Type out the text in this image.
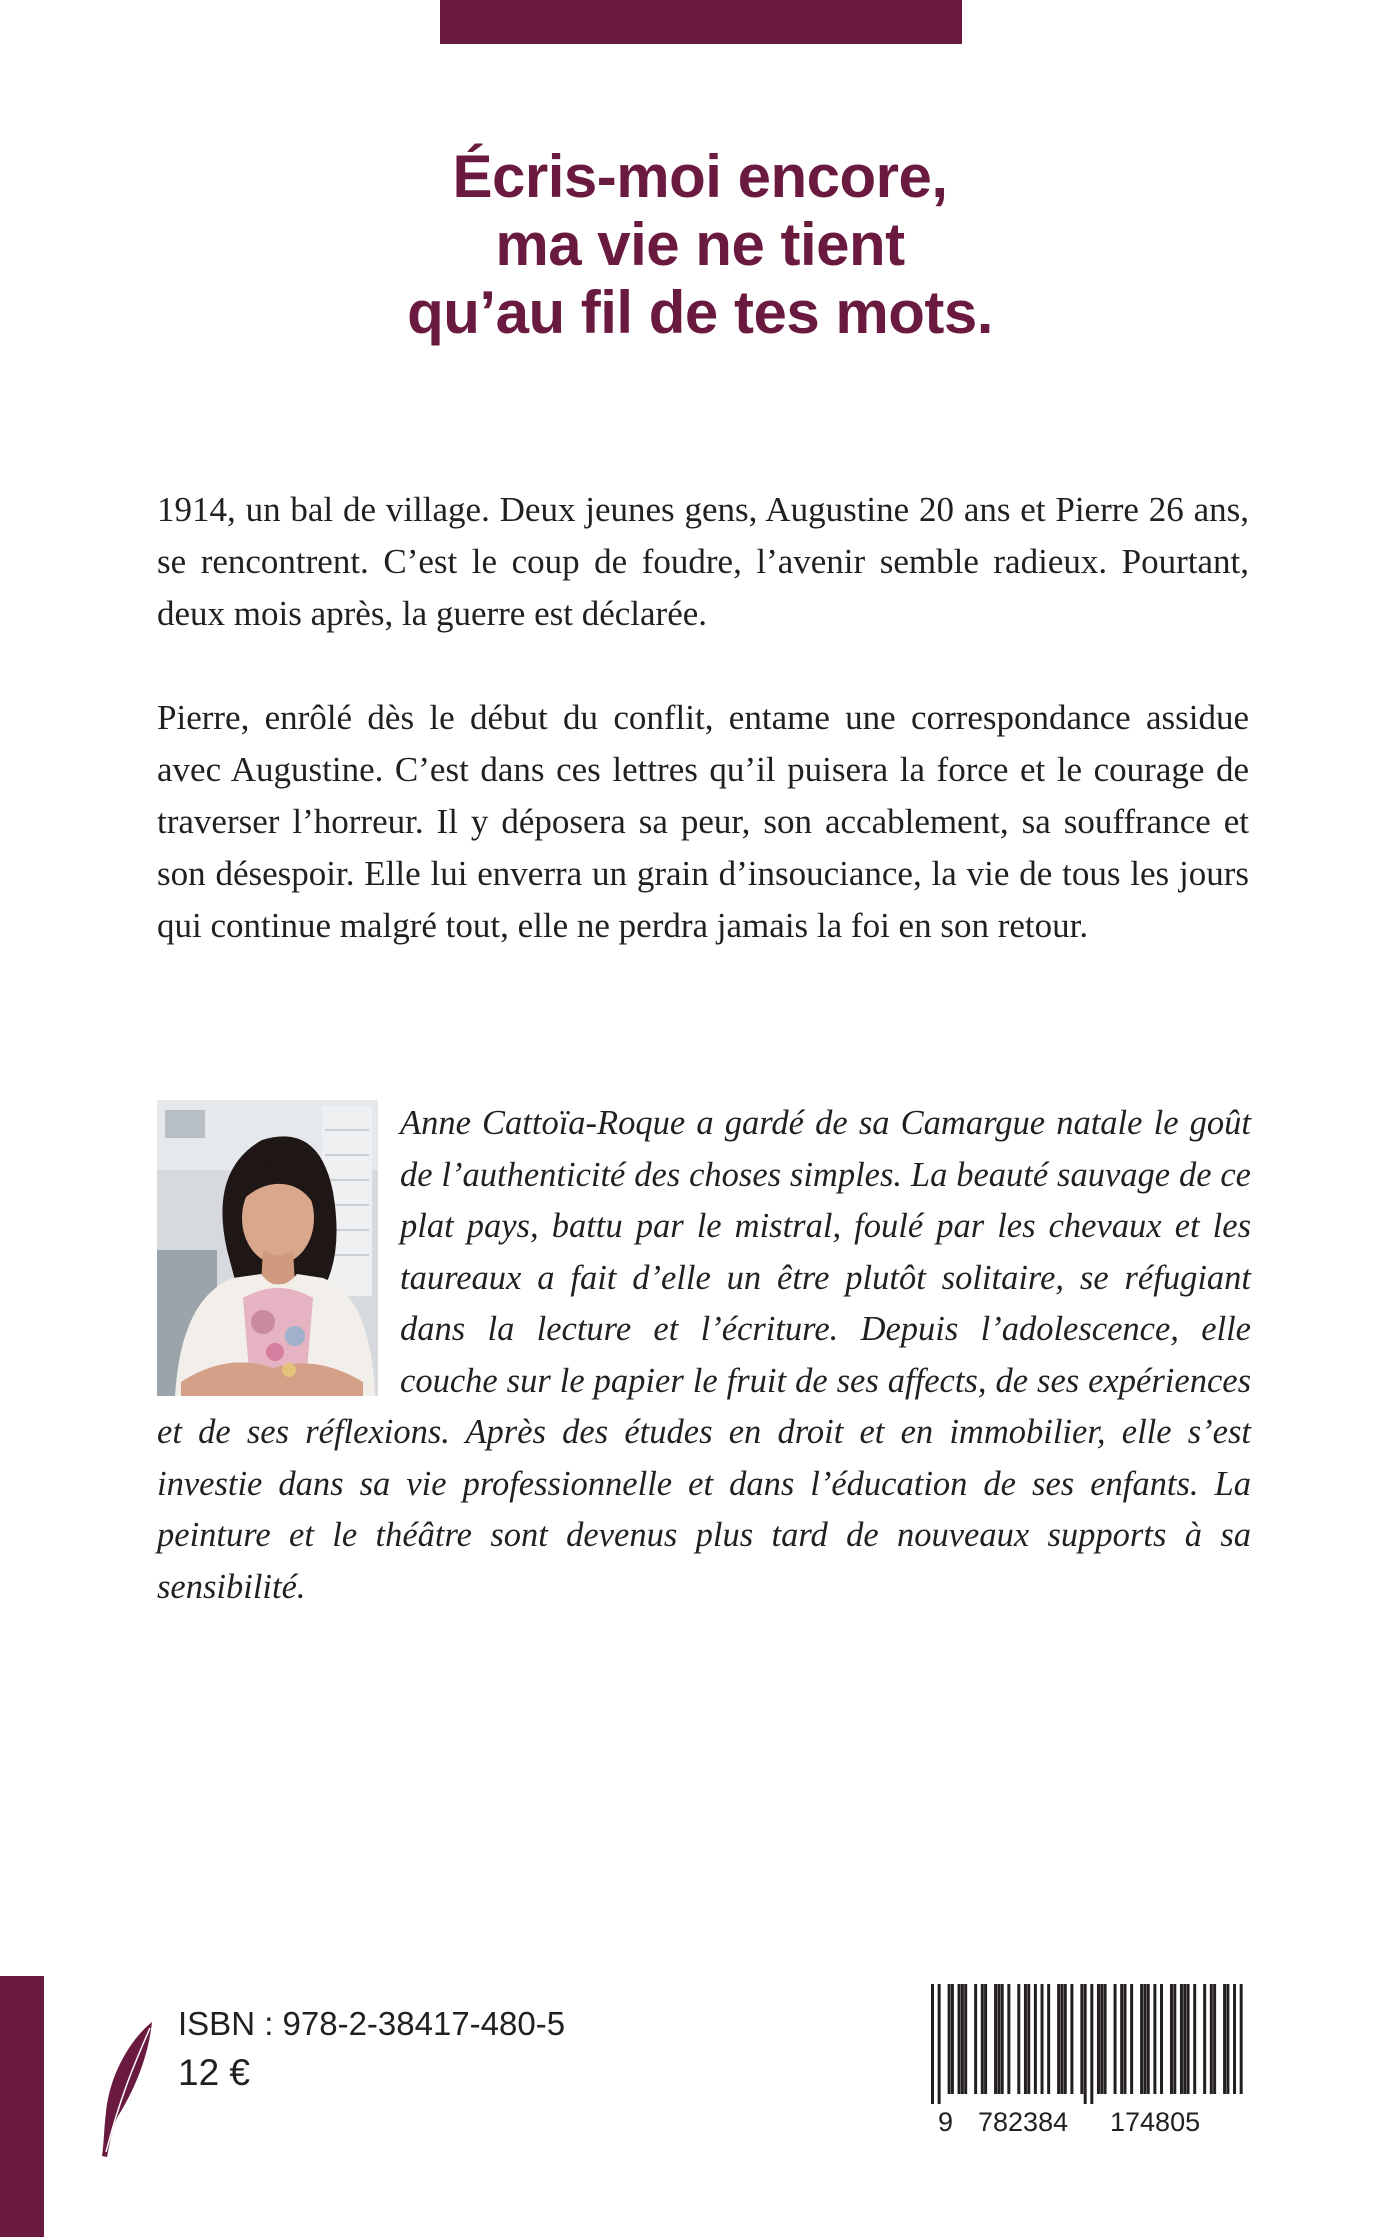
Écris-moi encore,
ma vie ne tient
qu’au fil de tes mots.

1914, un bal de village. Deux jeunes gens, Augustine 20 ans et Pierre 26 ans, se rencontrent. C’est le coup de foudre, l’avenir semble radieux. Pourtant, deux mois après, la guerre est déclarée.

Pierre, enrôlé dès le début du conflit, entame une correspondance assidue avec Augustine. C’est dans ces lettres qu’il puisera la force et le courage de traverser l’horreur. Il y déposera sa peur, son accablement, sa souffrance et son désespoir. Elle lui enverra un grain d’insouciance, la vie de tous les jours qui continue malgré tout, elle ne perdra jamais la foi en son retour.

Anne Cattoïa-Roque a gardé de sa Camargue natale le goût de l’authenticité des choses simples. La beauté sauvage de ce plat pays, battu par le mistral, foulé par les chevaux et les taureaux a fait d’elle un être plutôt solitaire, se réfugiant dans la lecture et l’écriture. Depuis l’adolescence, elle couche sur le papier le fruit de ses affects, de ses expériences et de ses réflexions. Après des études en droit et en immobilier, elle s’est investie dans sa vie professionnelle et dans l’éducation de ses enfants. La peinture et le théâtre sont devenus plus tard de nouveaux supports à sa sensibilité.

ISBN : 978-2-38417-480-5
12 €
9 782384 174805
